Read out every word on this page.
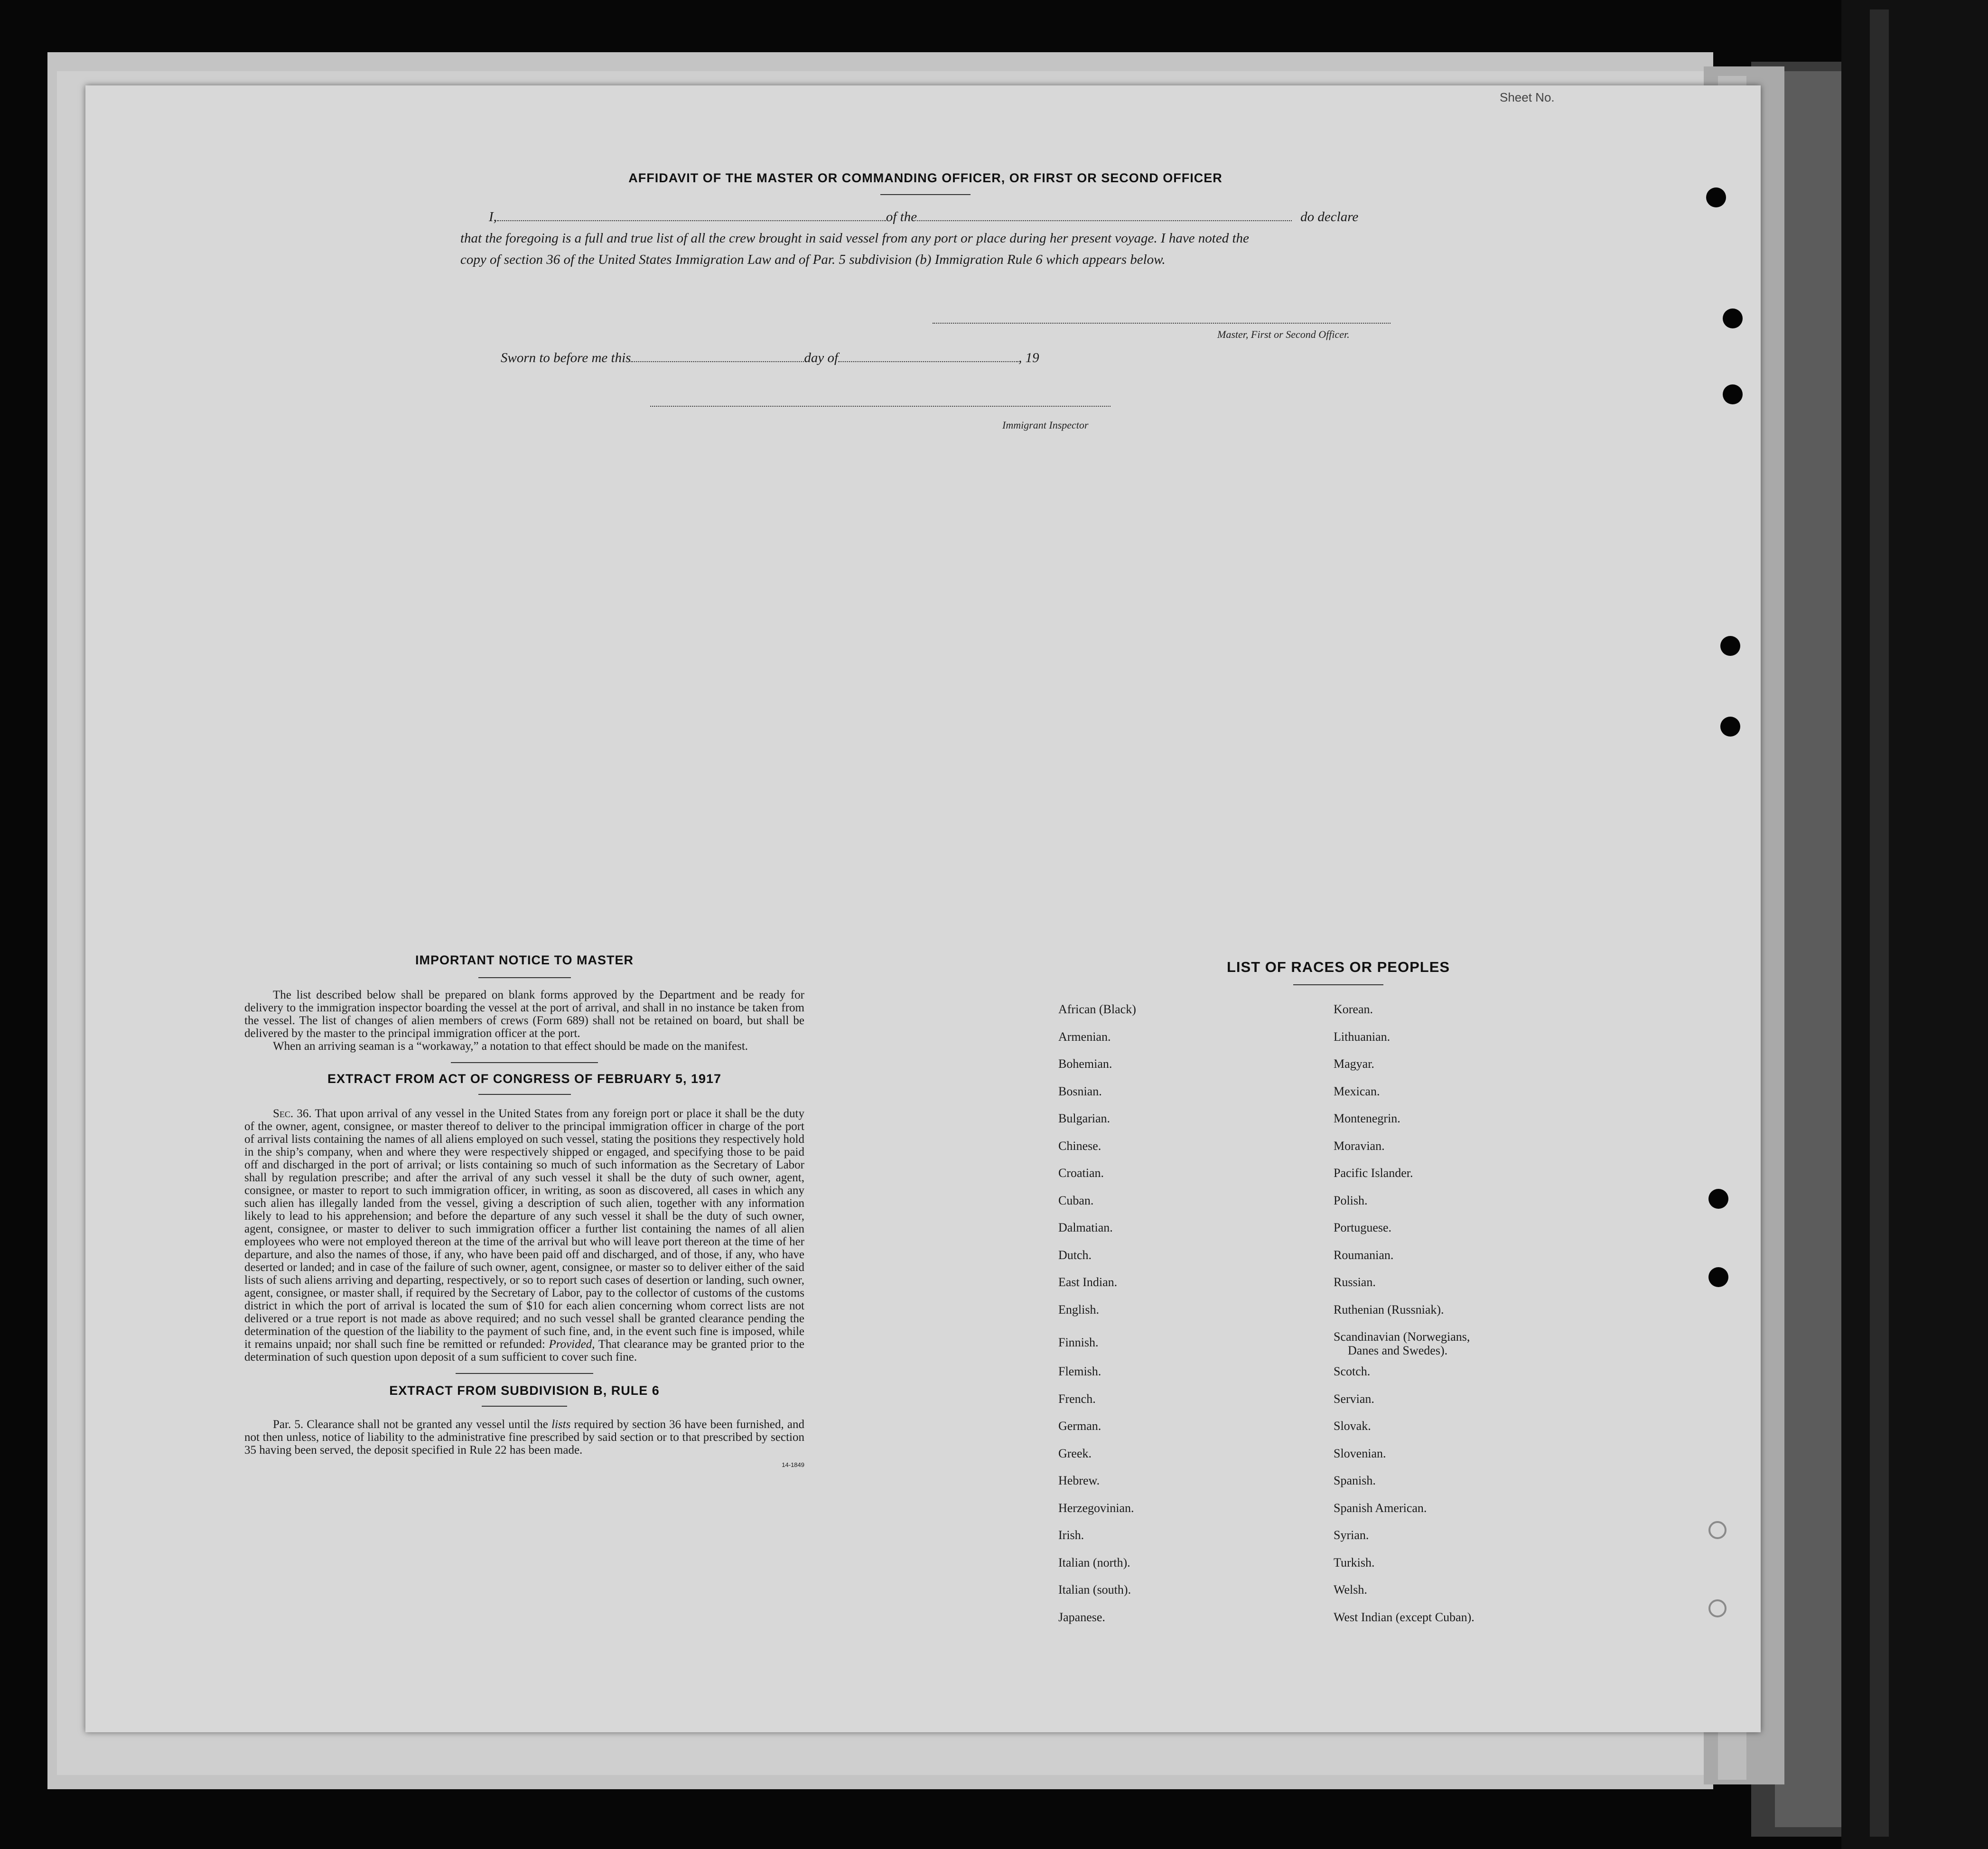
Sheet No.
AFFIDAVIT OF THE MASTER OR COMMANDING OFFICER, OR FIRST OR SECOND OFFICER

I,	of the	do declare

that the foregoing is a full and true list of all the crew brought in said vessel from any port or place during her present voyage. I have noted the

copy of section 36 of the United States Immigration Law and of Par. 5 subdivision (b) Immigration Rule 6 which appears below.

Master, First or Second Officer.
Sworn to before me this	day of	, 19
Immigrant Inspector
IMPORTANT NOTICE TO MASTER

The list described below shall be prepared on blank forms approved by the Department and be ready for delivery to the immigration inspector boarding the vessel at the port of arrival, and shall in no instance be taken from the vessel. The list of changes of alien members of crews (Form 689) shall not be retained on board, but shall be delivered by the master to the principal immigration officer at the port.

When an arriving seaman is a “workaway,” a notation to that effect should be made on the manifest.

EXTRACT FROM ACT OF CONGRESS OF FEBRUARY 5, 1917

Sec. 36. That upon arrival of any vessel in the United States from any foreign port or place it shall be the duty of the owner, agent, consignee, or master thereof to deliver to the principal immigration officer in charge of the port of arrival lists containing the names of all aliens employed on such vessel, stating the positions they respectively hold in the ship’s company, when and where they were respectively shipped or engaged, and specifying those to be paid off and discharged in the port of arrival; or lists containing so much of such information as the Secretary of Labor shall by regulation prescribe; and after the arrival of any such vessel it shall be the duty of such owner, agent, consignee, or master to report to such immigration officer, in writing, as soon as discovered, all cases in which any such alien has illegally landed from the vessel, giving a description of such alien, together with any information likely to lead to his apprehension; and before the departure of any such vessel it shall be the duty of such owner, agent, consignee, or master to deliver to such immigration officer a further list containing the names of all alien employees who were not employed thereon at the time of the arrival but who will leave port thereon at the time of her departure, and also the names of those, if any, who have been paid off and discharged, and of those, if any, who have deserted or landed; and in case of the failure of such owner, agent, consignee, or master so to deliver either of the said lists of such aliens arriving and departing, respectively, or so to report such cases of desertion or landing, such owner, agent, consignee, or master shall, if required by the Secretary of Labor, pay to the collector of customs of the customs district in which the port of arrival is located the sum of $10 for each alien concerning whom correct lists are not delivered or a true report is not made as above required; and no such vessel shall be granted clearance pending the determination of the question of the liability to the payment of such fine, and, in the event such fine is imposed, while it remains unpaid; nor shall such fine be remitted or refunded: Provided, That clearance may be granted prior to the determination of such question upon deposit of a sum sufficient to cover such fine.

EXTRACT FROM SUBDIVISION B, RULE 6

Par. 5. Clearance shall not be granted any vessel until the lists required by section 36 have been furnished, and not then unless, notice of liability to the administrative fine prescribed by said section or to that prescribed by section 35 having been served, the deposit specified in Rule 22 has been made.

14-1849
LIST OF RACES OR PEOPLES
African (Black)
Armenian.
Bohemian.
Bosnian.
Bulgarian.
Chinese.
Croatian.
Cuban.
Dalmatian.
Dutch.
East Indian.
English.
Finnish.
Flemish.
French.
German.
Greek.
Hebrew.
Herzegovinian.
Irish.
Italian (north).
Italian (south).
Japanese.
Korean.
Lithuanian.
Magyar.
Mexican.
Montenegrin.
Moravian.
Pacific Islander.
Polish.
Portuguese.
Roumanian.
Russian.
Ruthenian (Russniak).
Scandinavian (Norwegians,
Danes and Swedes).
Scotch.
Servian.
Slovak.
Slovenian.
Spanish.
Spanish American.
Syrian.
Turkish.
Welsh.
West Indian (except Cuban).
